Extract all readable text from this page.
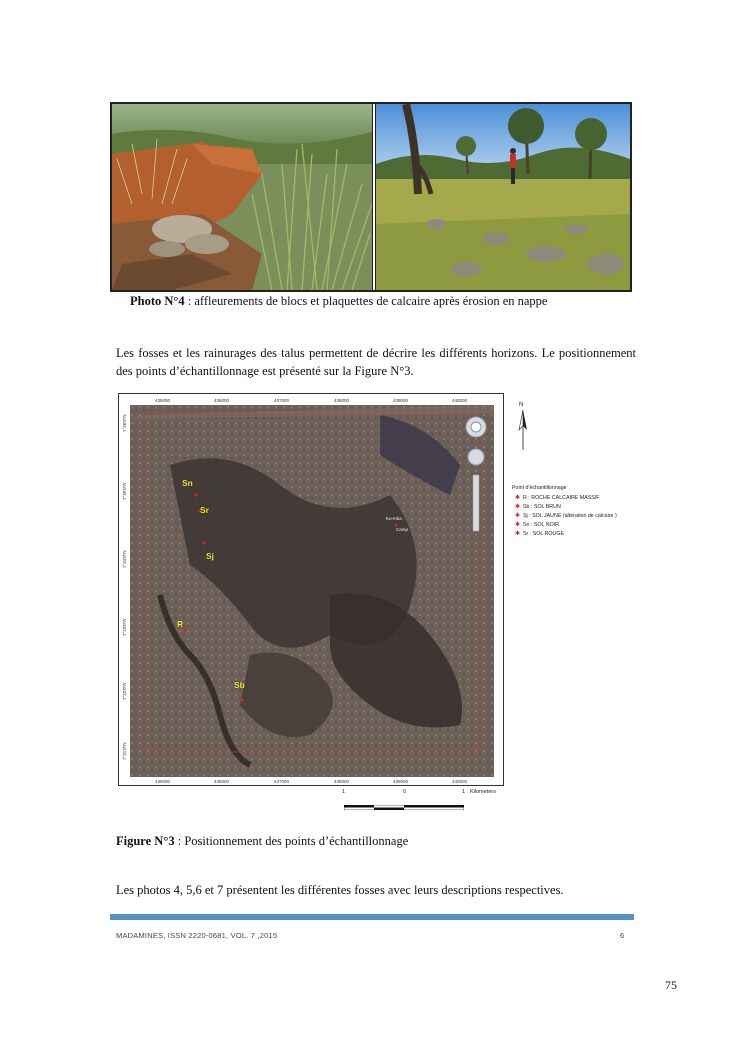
Photo N°4 : affleurements de blocs et plaquettes de calcaire après érosion en nappe
Les fosses et les rainurages des talus permettent de décrire les différents horizons. Le positionnement des points d’échantillonnage est présenté sur la Figure N°3.
435000	436000	437000	438000	439000	440000
435000	436000	437000	438000	439000	440000
7°36'0"N
7°35'0"N
7°34'0"N
7°33'0"N
7°32'0"N
7°31'0"N
Sn
Sr
Sj
R
Sb
Ko-mba
Camp
N
Point d'échantillonnage
✱ R : ROCHE CALCAIRE MASSIF
✱ Sb : SOL BRUN
✱ Sj : SOL JAUNE (altération de calcaire )
✱ Sn : SOL NOIR
✱ Sr : SOL ROUGE
1	0	1 Kilometers
Figure N°3 : Positionnement des points d’échantillonnage
Les photos 4, 5,6 et 7 présentent les différentes fosses avec leurs descriptions respectives.
MADAMINES, ISSN 2220-0681, VOL. 7 ,2015	6
75
